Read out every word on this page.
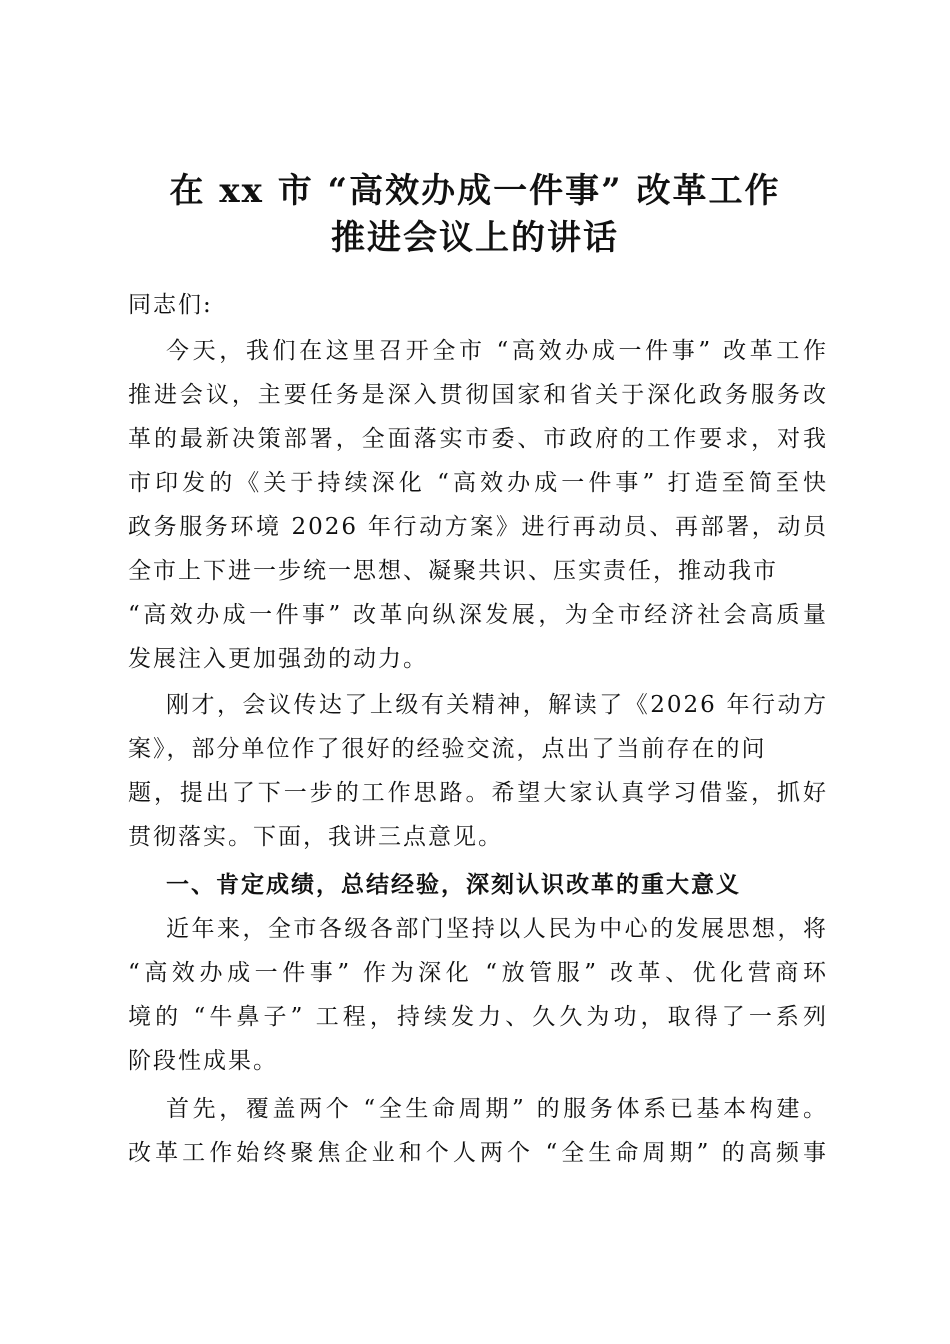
在 xx 市 “高效办成一件事” 改革工作
推进会议上的讲话
同志们:
今天，我们在这里召开全市 “高效办成一件事” 改革工作
推进会议，主要任务是深入贯彻国家和省关于深化政务服务改
革的最新决策部署，全面落实市委、市政府的工作要求，对我
市印发的《关于持续深化 “高效办成一件事” 打造至简至快
政务服务环境 2026 年行动方案》进行再动员、再部署，动员
全市上下进一步统一思想、凝聚共识、压实责任，推动我市
“高效办成一件事” 改革向纵深发展，为全市经济社会高质量
发展注入更加强劲的动力。
刚才，会议传达了上级有关精神，解读了《2026 年行动方
案》，部分单位作了很好的经验交流，点出了当前存在的问
题，提出了下一步的工作思路。希望大家认真学习借鉴，抓好
贯彻落实。下面，我讲三点意见。
一、肯定成绩，总结经验，深刻认识改革的重大意义
近年来，全市各级各部门坚持以人民为中心的发展思想，将
“高效办成一件事” 作为深化 “放管服” 改革、优化营商环
境的 “牛鼻子” 工程，持续发力、久久为功，取得了一系列
阶段性成果。
首先，覆盖两个 “全生命周期” 的服务体系已基本构建。
改革工作始终聚焦企业和个人两个 “全生命周期” 的高频事
